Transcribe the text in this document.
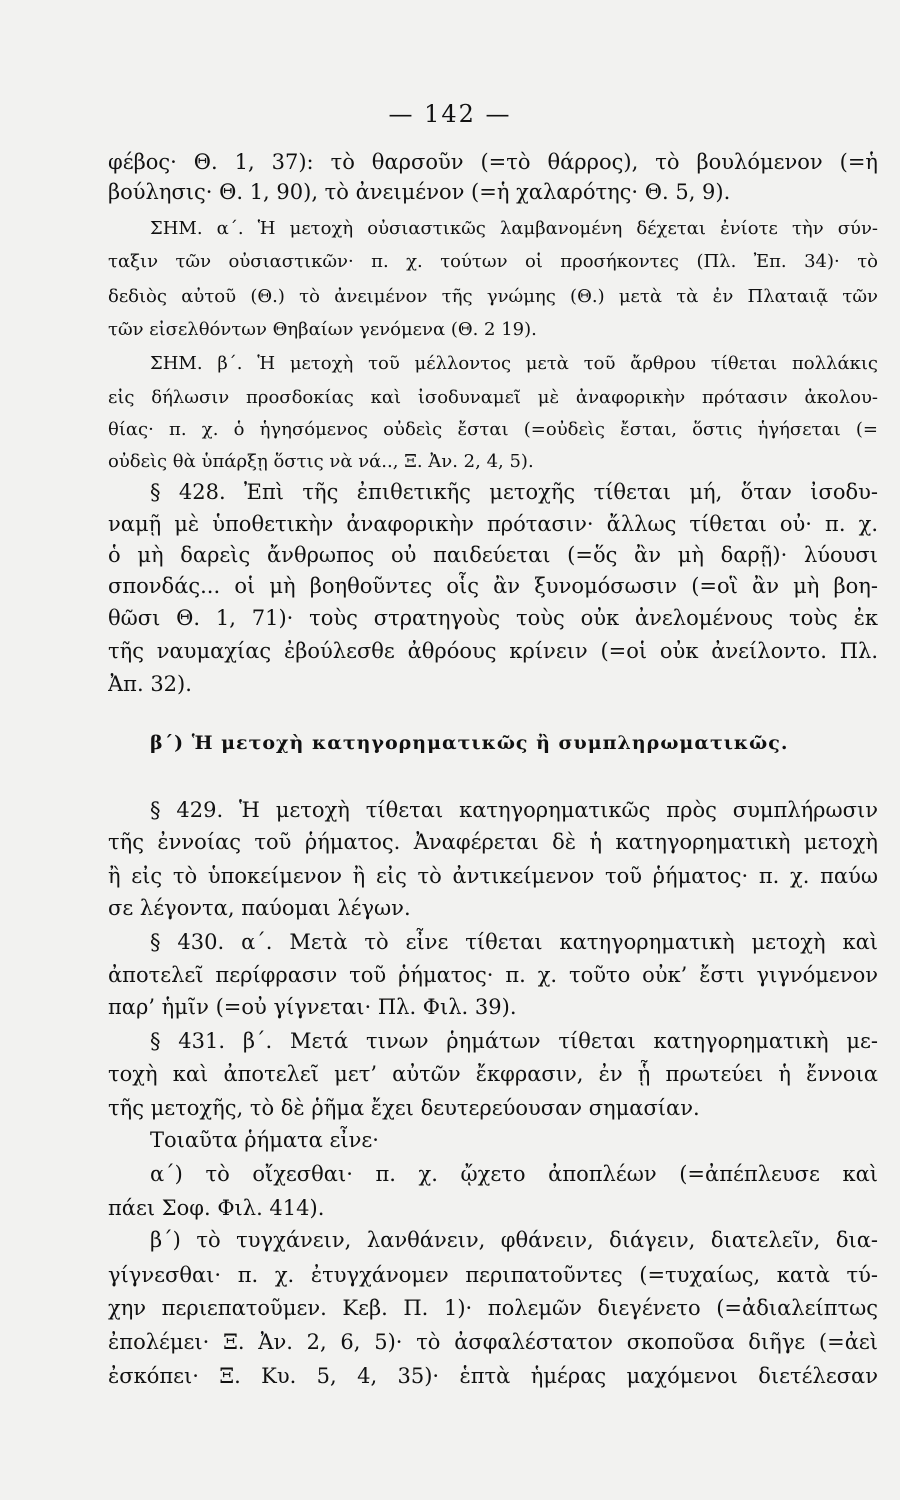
— 142 —
φέβος· Θ. 1, 37): τὸ θαρσοῦν (=τὸ θάρρος), τὸ βουλόμενον (=ἡ
βούλησις· Θ. 1, 90), τὸ ἀνειμένον (=ἡ χαλαρότης· Θ. 5, 9).
ΣΗΜ. α΄. Ἡ μετοχὴ οὐσιαστικῶς λαμβανομένη δέχεται ἐνίοτε τὴν σύν-
ταξιν τῶν οὐσιαστικῶν· π. χ. τούτων οἱ προσήκοντες (Πλ. Ἐπ. 34)· τὸ
δεδιὸς αὐτοῦ (Θ.) τὸ ἀνειμένον τῆς γνώμης (Θ.) μετὰ τὰ ἐν Πλαταιᾷ τῶν
τῶν εἰσελθόντων Θηβαίων γενόμενα (Θ. 2 19).
ΣΗΜ. β΄. Ἡ μετοχὴ τοῦ μέλλοντος μετὰ τοῦ ἄρθρου τίθεται πολλάκις
εἰς δήλωσιν προσδοκίας καὶ ἰσοδυναμεῖ μὲ ἀναφορικὴν πρότασιν ἀκολου-
θίας· π. χ. ὁ ἡγησόμενος οὐδεὶς ἔσται (=οὐδεὶς ἔσται, ὅστις ἡγήσεται (=
οὐδεὶς θὰ ὑπάρξῃ ὅστις νὰ νά.., Ξ. Ἀν. 2, 4, 5).
§ 428. Ἐπὶ τῆς ἐπιθετικῆς μετοχῆς τίθεται μή, ὅταν ἰσοδυ-
ναμῇ μὲ ὑποθετικὴν ἀναφορικὴν πρότασιν· ἄλλως τίθεται οὐ· π. χ.
ὁ μὴ δαρεὶς ἄνθρωπος οὐ παιδεύεται (=ὅς ἂν μὴ δαρῇ)· λύουσι
σπονδάς... οἱ μὴ βοηθοῦντες οἷς ἂν ξυνομόσωσιν (=οἳ ἂν μὴ βοη-
θῶσι Θ. 1, 71)· τοὺς στρατηγοὺς τοὺς οὐκ ἀνελομένους τοὺς ἐκ
τῆς ναυμαχίας ἐβούλεσθε ἀθρόους κρίνειν (=οἱ οὐκ ἀνείλοντο. Πλ.
Ἀπ. 32).
§ 429. Ἡ μετοχὴ τίθεται κατηγορηματικῶς πρὸς συμπλήρωσιν
τῆς ἐννοίας τοῦ ῥήματος. Ἀναφέρεται δὲ ἡ κατηγορηματικὴ μετοχὴ
ἢ εἰς τὸ ὑποκείμενον ἢ εἰς τὸ ἀντικείμενον τοῦ ῥήματος· π. χ. παύω
σε λέγοντα, παύομαι λέγων.
§ 430. α΄. Μετὰ τὸ εἶνε τίθεται κατηγορηματικὴ μετοχὴ καὶ
ἀποτελεῖ περίφρασιν τοῦ ῥήματος· π. χ. τοῦτο οὐκ’ ἔστι γιγνόμενον
παρ’ ἡμῖν (=οὐ γίγνεται· Πλ. Φιλ. 39).
§ 431. β΄. Μετά τινων ῥημάτων τίθεται κατηγορηματικὴ με-
τοχὴ καὶ ἀποτελεῖ μετ’ αὐτῶν ἔκφρασιν, ἐν ᾗ πρωτεύει ἡ ἔννοια
τῆς μετοχῆς, τὸ δὲ ῥῆμα ἔχει δευτερεύουσαν σημασίαν.
Τοιαῦτα ῥήματα εἶνε·
α΄) τὸ οἴχεσθαι· π. χ. ᾤχετο ἀποπλέων (=ἀπέπλευσε καὶ
πάει Σοφ. Φιλ. 414).
β΄) τὸ τυγχάνειν, λανθάνειν, φθάνειν, διάγειν, διατελεῖν, δια-
γίγνεσθαι· π. χ. ἐτυγχάνομεν περιπατοῦντες (=τυχαίως, κατὰ τύ-
χην περιεπατοῦμεν. Κεβ. Π. 1)· πολεμῶν διεγένετο (=ἀδιαλείπτως
ἐπολέμει· Ξ. Ἀν. 2, 6, 5)· τὸ ἀσφαλέστατον σκοποῦσα διῆγε (=ἀεὶ
ἐσκόπει· Ξ. Κυ. 5, 4, 35)· ἑπτὰ ἡμέρας μαχόμενοι διετέλεσαν
β΄) Ἡ μετοχὴ κατηγορηματικῶς ἢ συμπληρωματικῶς.
